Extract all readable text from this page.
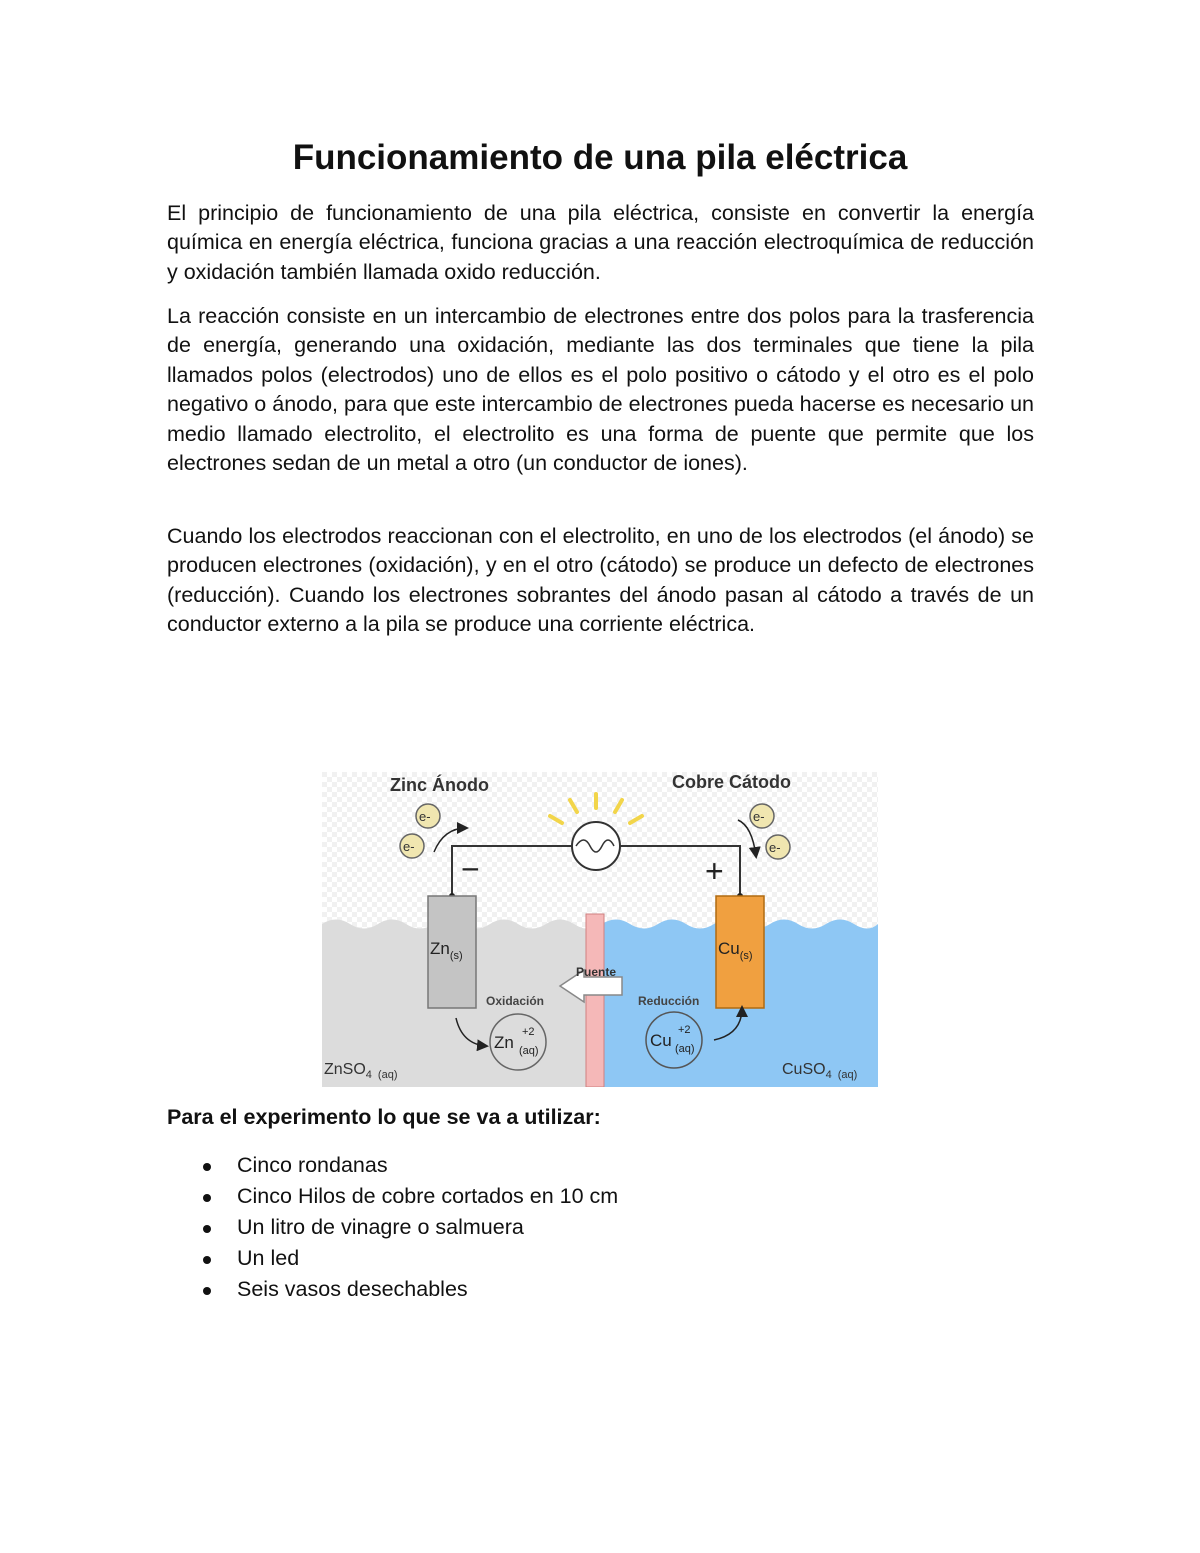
Funcionamiento de una pila eléctrica

El principio de funcionamiento de una pila eléctrica, consiste en convertir la energía química en energía eléctrica, funciona gracias a una reacción electroquímica de reducción y oxidación también llamada oxido reducción.

La reacción consiste en un intercambio de electrones entre dos polos para la trasferencia de energía, generando una oxidación, mediante las dos terminales que tiene la pila llamados polos (electrodos) uno de ellos es el polo positivo o cátodo y el otro es el polo negativo o ánodo, para que este intercambio de electrones pueda hacerse es necesario un medio llamado electrolito, el electrolito es una forma de puente que permite que los electrones sedan de un metal a otro (un conductor de iones).

Cuando los electrodos reaccionan con el electrolito, en uno de los electrodos (el ánodo) se producen electrones (oxidación), y en el otro (cátodo) se produce un defecto de electrones (reducción). Cuando los electrones sobrantes del ánodo pasan al cátodo a través de un conductor externo a la pila se produce una corriente eléctrica.

Zinc Ánodo	Cobre Cátodo
e-
e-
e-
e-
−	+
$Zn_{(s)}$	$Cu_{(s)}$
Puente
Oxidación	Reducción
Zn
+2
(aq)
Cu
+2
(aq)
ZnSO$_4$ (aq)	CuSO$_4$ (aq)

Para el experimento lo que se va a utilizar:

Cinco rondanas
Cinco Hilos de cobre cortados en 10 cm
Un litro de vinagre o salmuera
Un led
Seis vasos desechables
